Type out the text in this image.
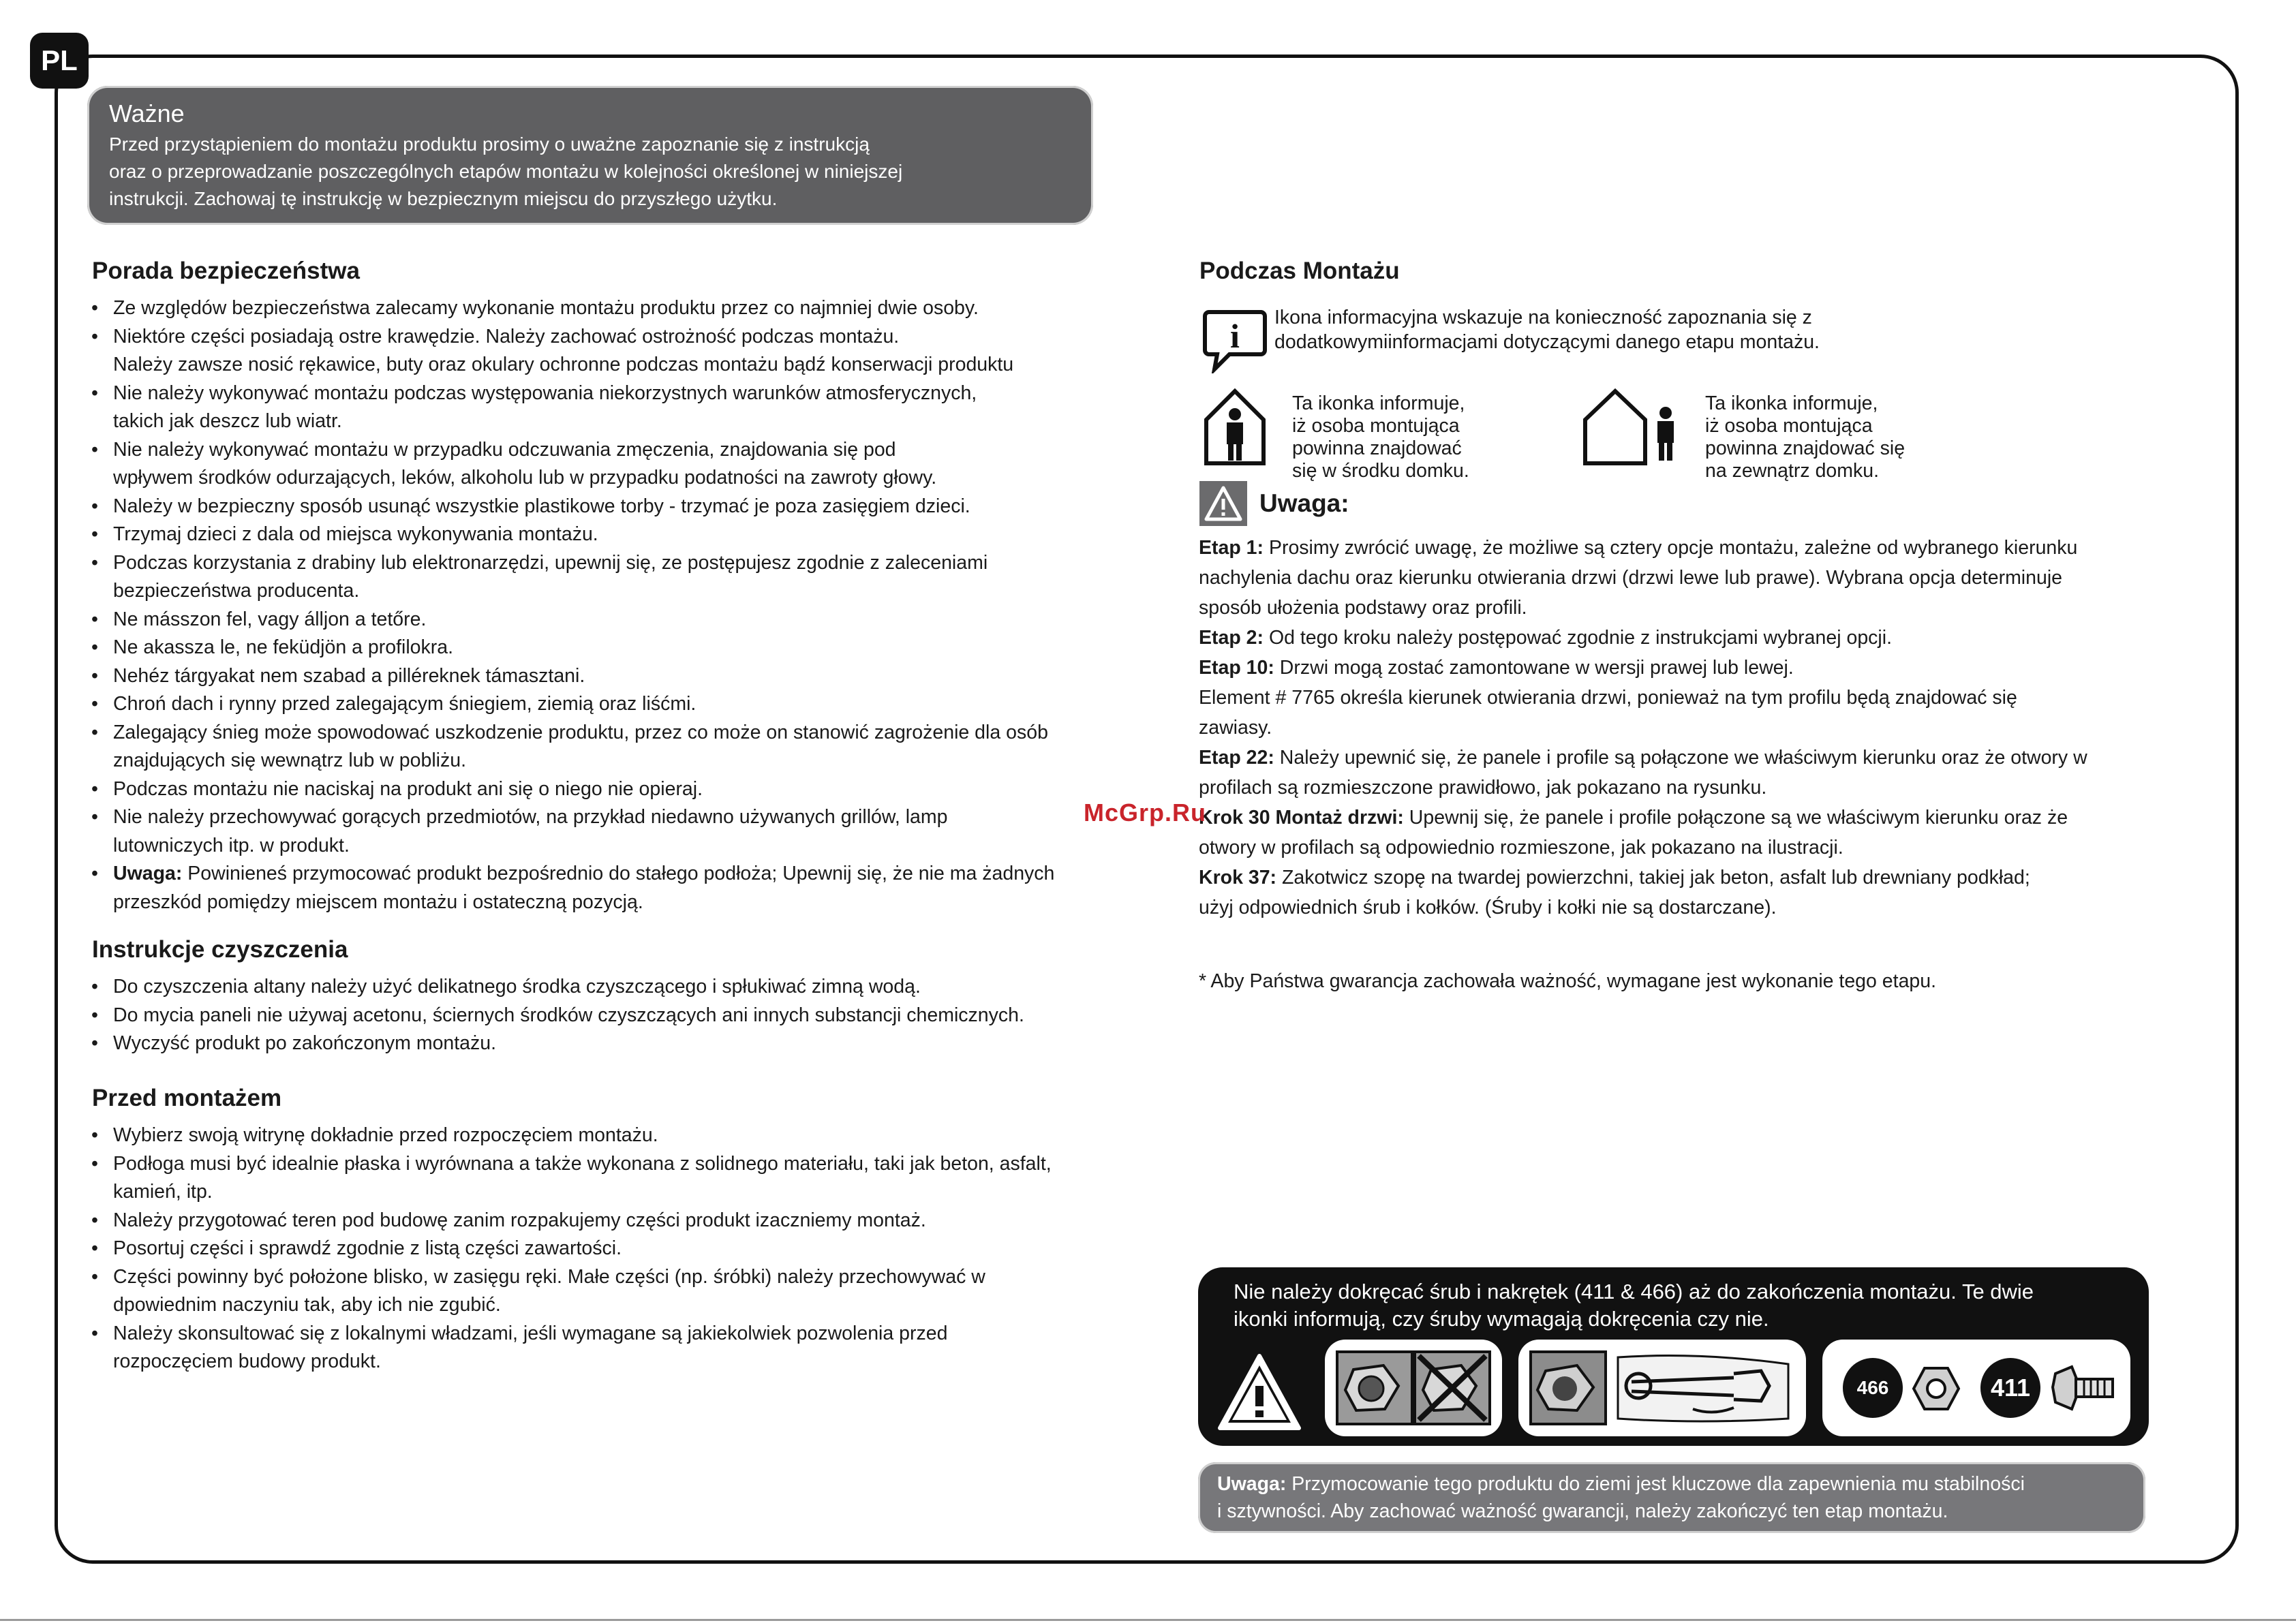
PL
Ważne

Przed przystąpieniem do montażu produktu prosimy o uważne zapoznanie się z instrukcją
oraz o przeprowadzanie poszczególnych etapów montażu w kolejności określonej w niniejszej
instrukcji. Zachowaj tę instrukcję w bezpiecznym miejscu do przyszłego użytku.

Porada bezpieczeństwa
• Ze względów bezpieczeństwa zalecamy wykonanie montażu produktu przez co najmniej dwie osoby.
• Niektóre części posiadają ostre krawędzie. Należy zachować ostrożność podczas montażu.
Należy zawsze nosić rękawice, buty oraz okulary ochronne podczas montażu bądź konserwacji produktu
• Nie należy wykonywać montażu podczas występowania niekorzystnych warunków atmosferycznych,
takich jak deszcz lub wiatr.
• Nie należy wykonywać montażu w przypadku odczuwania zmęczenia, znajdowania się pod
wpływem środków odurzających, leków, alkoholu lub w przypadku podatności na zawroty głowy.
• Należy w bezpieczny sposób usunąć wszystkie plastikowe torby - trzymać je poza zasięgiem dzieci.
• Trzymaj dzieci z dala od miejsca wykonywania montażu.
• Podczas korzystania z drabiny lub elektronarzędzi, upewnij się, ze postępujesz zgodnie z zaleceniami
bezpieczeństwa producenta.
• Ne másszon fel, vagy álljon a tetőre.
• Ne akassza le, ne feküdjön a profilokra.
• Nehéz tárgyakat nem szabad a pilléreknek támasztani.
• Chroń dach i rynny przed zalegającym śniegiem, ziemią oraz liśćmi.
• Zalegający śnieg może spowodować uszkodzenie produktu, przez co może on stanowić zagrożenie dla osób
znajdujących się wewnątrz lub w pobliżu.
• Podczas montażu nie naciskaj na produkt ani się o niego nie opieraj.
• Nie należy przechowywać gorących przedmiotów, na przykład niedawno używanych grillów, lamp
lutowniczych itp. w produkt.
• Uwaga: Powinieneś przymocować produkt bezpośrednio do stałego podłoża; Upewnij się, że nie ma żadnych
przeszkód pomiędzy miejscem montażu i ostateczną pozycją.
Instrukcje czyszczenia
• Do czyszczenia altany należy użyć delikatnego środka czyszczącego i spłukiwać zimną wodą.
• Do mycia paneli nie używaj acetonu, ściernych środków czyszczących ani innych substancji chemicznych.
• Wyczyść produkt po zakończonym montażu.
Przed montażem
• Wybierz swoją witrynę dokładnie przed rozpoczęciem montażu.
• Podłoga musi być idealnie płaska i wyrównana a także wykonana z solidnego materiału, taki jak beton, asfalt,
kamień, itp.
• Należy przygotować teren pod budowę zanim rozpakujemy części produkt izaczniemy montaż.
• Posortuj części i sprawdź zgodnie z listą części zawartości.
• Części powinny być położone blisko, w zasięgu ręki. Małe części (np. śróbki) należy przechowywać w
dpowiednim naczyniu tak, aby ich nie zgubić.
• Należy skonsultować się z lokalnymi władzami, jeśli wymagane są jakiekolwiek pozwolenia przed
rozpoczęciem budowy produkt.
Podczas Montażu
i Ikona informacyjna wskazuje na konieczność zapoznania się z
dodatkowymiinformacjami dotyczącymi danego etapu montażu.
Ta ikonka informuje,
iż osoba montująca
powinna znajdować
się w środku domku.
Ta ikonka informuje,
iż osoba montująca
powinna znajdować się
na zewnątrz domku.
Uwaga:

Etap 1: Prosimy zwrócić uwagę, że możliwe są cztery opcje montażu, zależne od wybranego kierunku

nachylenia dachu oraz kierunku otwierania drzwi (drzwi lewe lub prawe). Wybrana opcja determinuje

sposób ułożenia podstawy oraz profili.

Etap 2: Od tego kroku należy postępować zgodnie z instrukcjami wybranej opcji.

Etap 10: Drzwi mogą zostać zamontowane w wersji prawej lub lewej.

Element # 7765 określa kierunek otwierania drzwi, ponieważ na tym profilu będą znajdować się

zawiasy.

Etap 22: Należy upewnić się, że panele i profile są połączone we właściwym kierunku oraz że otwory w

profilach są rozmieszczone prawidłowo, jak pokazano na rysunku.

Krok 30 Montaż drzwi: Upewnij się, że panele i profile połączone są we właściwym kierunku oraz że

otwory w profilach są odpowiednio rozmieszone, jak pokazano na ilustracji.

Krok 37: Zakotwicz szopę na twardej powierzchni, takiej jak beton, asfalt lub drewniany podkład;

użyj odpowiednich śrub i kołków. (Śruby i kołki nie są dostarczane).

* Aby Państwa gwarancja zachowała ważność, wymagane jest wykonanie tego etapu.
McGrp.Ru
Nie należy dokręcać śrub i nakrętek (411 & 466) aż do zakończenia montażu. Te dwie
ikonki informują, czy śruby wymagają dokręcenia czy nie.
466	411
Uwaga: Przymocowanie tego produktu do ziemi jest kluczowe dla zapewnienia mu stabilności
i sztywności. Aby zachować ważność gwarancji, należy zakończyć ten etap montażu.
